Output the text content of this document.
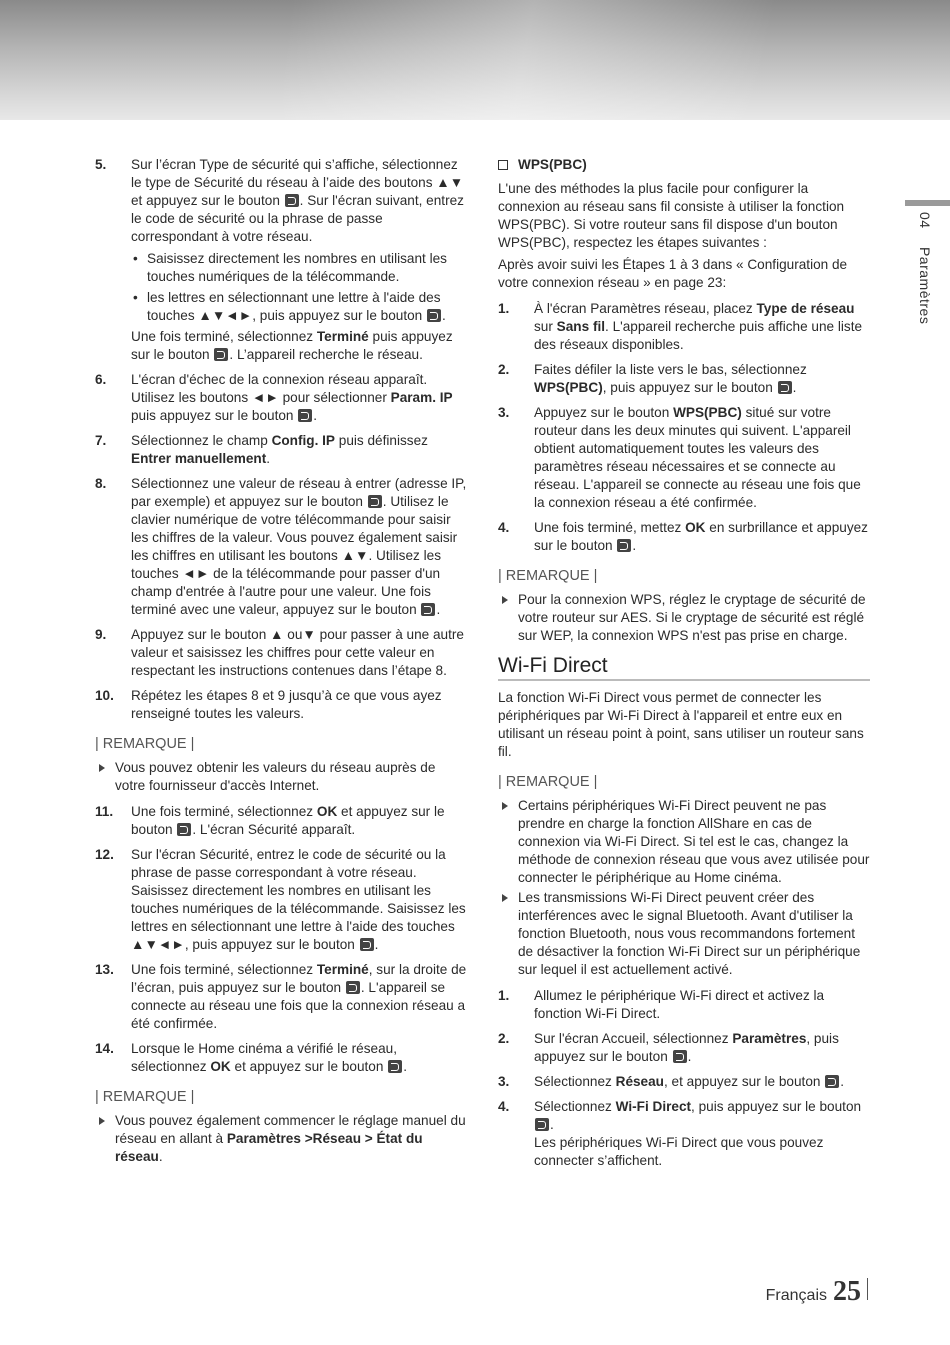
5.	Sur l’écran Type de sécurité qui s’affiche, sélectionnez le type de Sécurité du réseau à l’aide des boutons ▲▼ et appuyez sur le bouton . Sur l'écran suivant, entrez le code de sécurité ou la phrase de passe correspondant à votre réseau.

• Saisissez directement les nombres en utilisant les touches numériques de la télécommande.
• les lettres en sélectionnant une lettre à l'aide des touches ▲▼◄►, puis appuyez sur le bouton .

Une fois terminé, sélectionnez Terminé puis appuyez sur le bouton . L’appareil recherche le réseau.

6.	L'écran d'échec de la connexion réseau apparaît. Utilisez les boutons ◄► pour sélectionner Param. IP puis appuyez sur le bouton .

7.	Sélectionnez le champ Config. IP puis définissez Entrer manuellement.

8.	Sélectionnez une valeur de réseau à entrer (adresse IP, par exemple) et appuyez sur le bouton . Utilisez le clavier numérique de votre télécommande pour saisir les chiffres de la valeur. Vous pouvez également saisir les chiffres en utilisant les boutons ▲▼. Utilisez les touches ◄► de la télécommande pour passer d'un champ d'entrée à l'autre pour une valeur. Une fois terminé avec une valeur, appuyez sur le bouton .

9.	Appuyez sur le bouton ▲ ou▼ pour passer à une autre valeur et saisissez les chiffres pour cette valeur en respectant les instructions contenues dans l’étape 8.

10.	Répétez les étapes 8 et 9 jusqu’à ce que vous ayez renseigné toutes les valeurs.

| REMARQUE |
Vous pouvez obtenir les valeurs du réseau auprès de votre fournisseur d'accès Internet.
11.	Une fois terminé, sélectionnez OK et appuyez sur le bouton . L'écran Sécurité apparaît.

12.	Sur l'écran Sécurité, entrez le code de sécurité ou la phrase de passe correspondant à votre réseau. Saisissez directement les nombres en utilisant les touches numériques de la télécommande. Saisissez les lettres en sélectionnant une lettre à l'aide des touches ▲▼◄►, puis appuyez sur le bouton .

13.	Une fois terminé, sélectionnez Terminé, sur la droite de l’écran, puis appuyez sur le bouton . L'appareil se connecte au réseau une fois que la connexion réseau a été confirmée.

14.	Lorsque le Home cinéma a vérifié le réseau, sélectionnez OK et appuyez sur le bouton .

| REMARQUE |
Vous pouvez également commencer le réglage manuel du réseau en allant à Paramètres >Réseau > État du réseau.
WPS(PBC)

L'une des méthodes la plus facile pour configurer la connexion au réseau sans fil consiste à utiliser la fonction WPS(PBC). Si votre routeur sans fil dispose d'un bouton WPS(PBC), respectez les étapes suivantes :

Après avoir suivi les Étapes 1 à 3 dans « Configuration de votre connexion réseau » en page 23:

1.	À l'écran Paramètres réseau, placez Type de réseau sur Sans fil. L'appareil recherche puis affiche une liste des réseaux disponibles.

2.	Faites défiler la liste vers le bas, sélectionnez WPS(PBC), puis appuyez sur le bouton .

3.	Appuyez sur le bouton WPS(PBC) situé sur votre routeur dans les deux minutes qui suivent. L'appareil obtient automatiquement toutes les valeurs des paramètres réseau nécessaires et se connecte au réseau. L'appareil se connecte au réseau une fois que la connexion réseau a été confirmée.

4.	Une fois terminé, mettez OK en surbrillance et appuyez sur le bouton .

| REMARQUE |
Pour la connexion WPS, réglez le cryptage de sécurité de votre routeur sur AES. Si le cryptage de sécurité est réglé sur WEP, la connexion WPS n'est pas prise en charge.
Wi-Fi Direct

La fonction Wi-Fi Direct vous permet de connecter les périphériques par Wi-Fi Direct à l'appareil et entre eux en utilisant un réseau point à point, sans utiliser un routeur sans fil.

| REMARQUE |
Certains périphériques Wi-Fi Direct peuvent ne pas prendre en charge la fonction AllShare en cas de connexion via Wi-Fi Direct. Si tel est le cas, changez la méthode de connexion réseau que vous avez utilisée pour connecter le périphérique au Home cinéma.
Les transmissions Wi-Fi Direct peuvent créer des interférences avec le signal Bluetooth. Avant d'utiliser la fonction Bluetooth, nous vous recommandons fortement de désactiver la fonction Wi-Fi Direct sur un périphérique sur lequel il est actuellement activé.
1.	Allumez le périphérique Wi-Fi direct et activez la fonction Wi-Fi Direct.

2.	Sur l'écran Accueil, sélectionnez Paramètres, puis appuyez sur le bouton .

3.	Sélectionnez Réseau, et appuyez sur le bouton .

4.	Sélectionnez Wi-Fi Direct, puis appuyez sur le bouton .

Les périphériques Wi-Fi Direct que vous pouvez connecter s’affichent.

04 Paramètres
Français 25
